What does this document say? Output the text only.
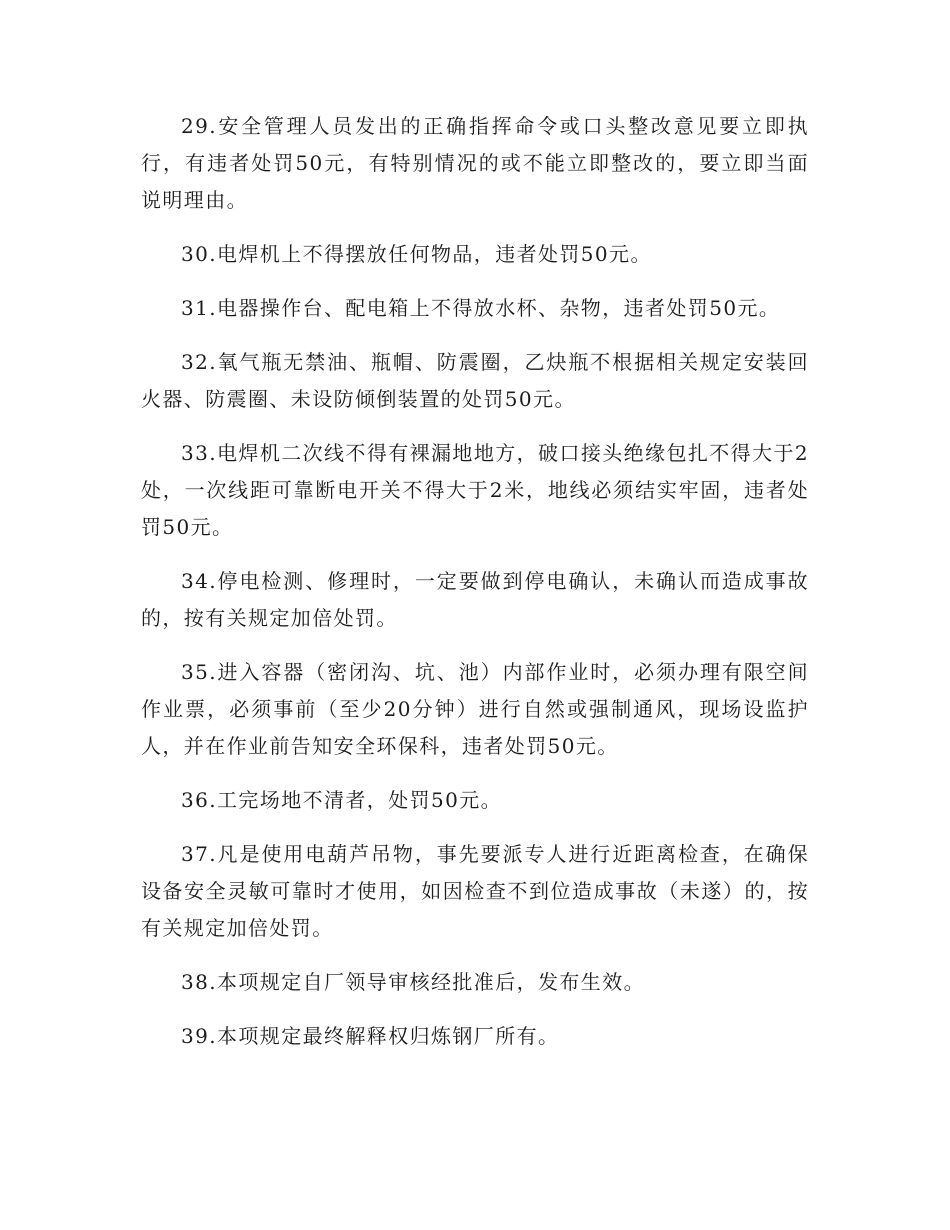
29.安全管理人员发出的正确指挥命令或口头整改意见要立即执行，有违者处罚50元，有特别情况的或不能立即整改的，要立即当面说明理由。

30.电焊机上不得摆放任何物品，违者处罚50元。

31.电器操作台、配电箱上不得放水杯、杂物，违者处罚50元。

32.氧气瓶无禁油、瓶帽、防震圈，乙炔瓶不根据相关规定安装回火器、防震圈、未设防倾倒装置的处罚50元。

33.电焊机二次线不得有裸漏地地方，破口接头绝缘包扎不得大于2处，一次线距可靠断电开关不得大于2米，地线必须结实牢固，违者处罚50元。

34.停电检测、修理时，一定要做到停电确认，未确认而造成事故的，按有关规定加倍处罚。

35.进入容器（密闭沟、坑、池）内部作业时，必须办理有限空间作业票，必须事前（至少20分钟）进行自然或强制通风，现场设监护人，并在作业前告知安全环保科，违者处罚50元。

36.工完场地不清者，处罚50元。

37.凡是使用电葫芦吊物，事先要派专人进行近距离检查，在确保设备安全灵敏可靠时才使用，如因检查不到位造成事故（未遂）的，按有关规定加倍处罚。

38.本项规定自厂领导审核经批准后，发布生效。

39.本项规定最终解释权归炼钢厂所有。
